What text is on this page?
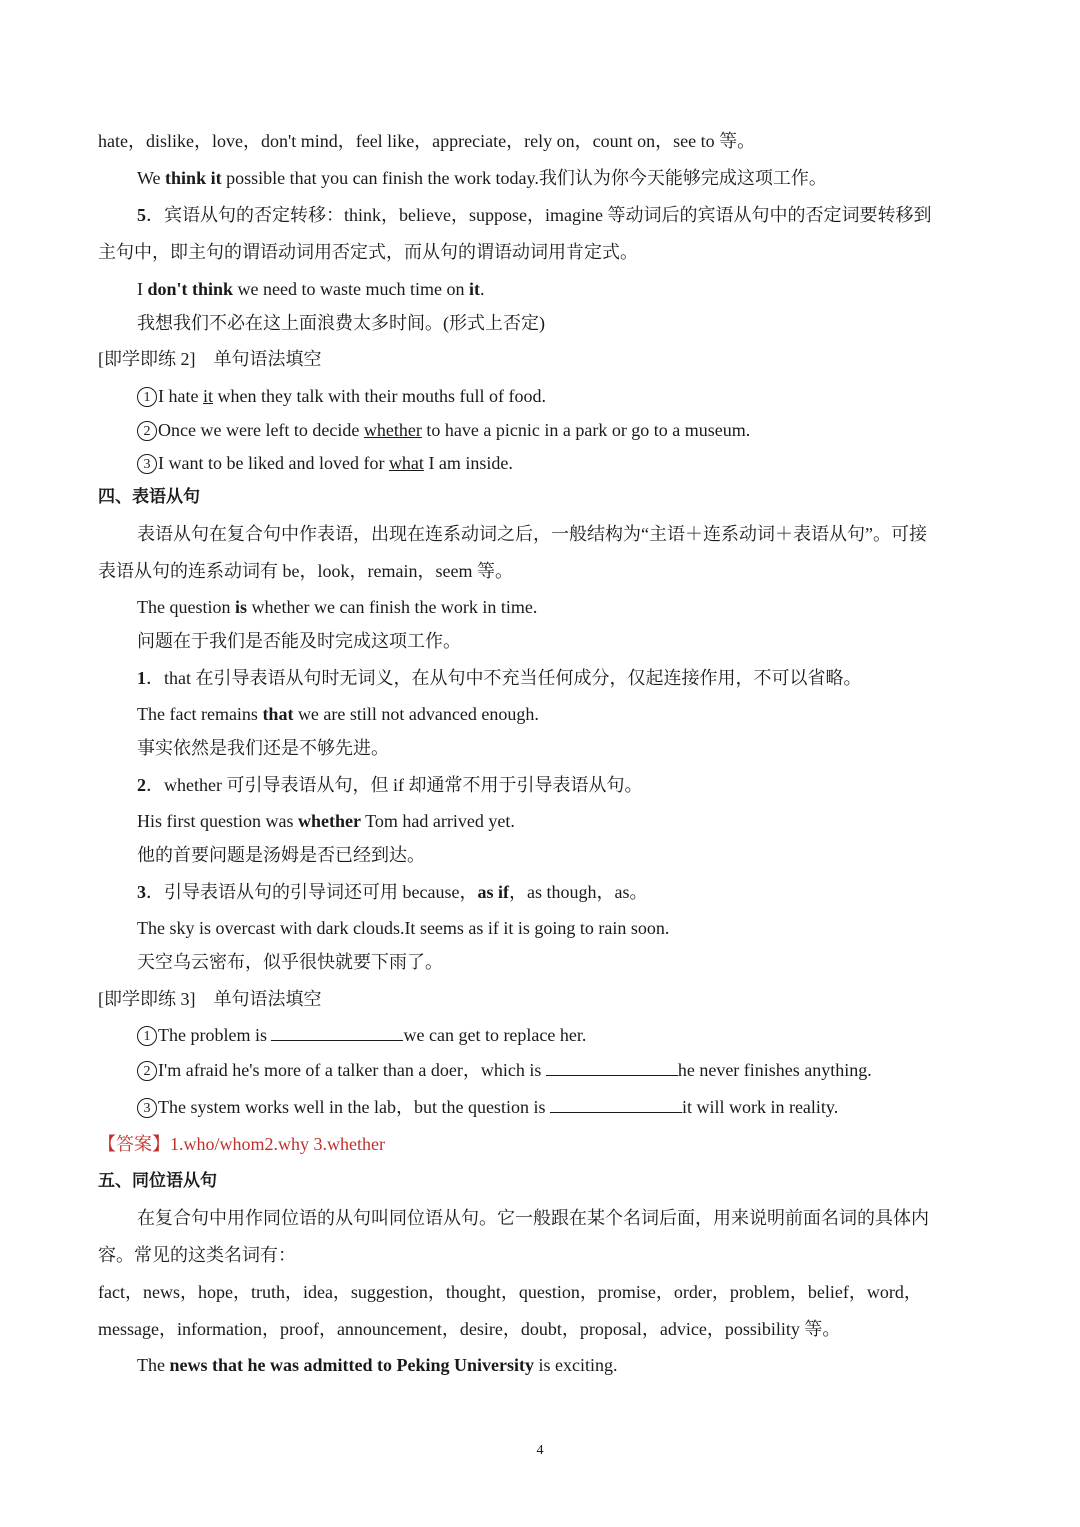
hate，dislike，love，don't mind，feel like，appreciate，rely on，count on，see to 等。
We think it possible that you can finish the work today.我们认为你今天能够完成这项工作。
5．宾语从句的否定转移：think，believe，suppose，imagine 等动词后的宾语从句中的否定词要转移到
主句中，即主句的谓语动词用否定式，而从句的谓语动词用肯定式。
I don't think we need to waste much time on it.
我想我们不必在这上面浪费太多时间。(形式上否定)
[即学即练 2]　单句语法填空
1 I hate it when they talk with their mouths full of food.
2 Once we were left to decide whether to have a picnic in a park or go to a museum.
3 I want to be liked and loved for what I am inside.
四、表语从句
表语从句在复合句中作表语，出现在连系动词之后，一般结构为“主语＋连系动词＋表语从句”。可接
表语从句的连系动词有 be，look，remain，seem 等。
The question is whether we can finish the work in time.
问题在于我们是否能及时完成这项工作。
1．that 在引导表语从句时无词义，在从句中不充当任何成分，仅起连接作用，不可以省略。
The fact remains that we are still not advanced enough.
事实依然是我们还是不够先进。
2．whether 可引导表语从句，但 if 却通常不用于引导表语从句。
His first question was whether Tom had arrived yet.
他的首要问题是汤姆是否已经到达。
3．引导表语从句的引导词还可用 because，as if，as though，as。
The sky is overcast with dark clouds.It seems as if it is going to rain soon.
天空乌云密布，似乎很快就要下雨了。
[即学即练 3]　单句语法填空
1 The problem is	we can get to replace her.
2 I'm afraid he's more of a talker than a doer，which is	he never finishes anything.
3 The system works well in the lab，but the question is	it will work in reality.
【答案】1.who/whom2.why 3.whether
五、同位语从句
在复合句中用作同位语的从句叫同位语从句。它一般跟在某个名词后面，用来说明前面名词的具体内
容。常见的这类名词有：
fact，news，hope，truth，idea，suggestion，thought，question，promise，order，problem，belief，word，
message，information，proof，announcement，desire，doubt，proposal，advice，possibility 等。
The news that he was admitted to Peking University is exciting.
4
